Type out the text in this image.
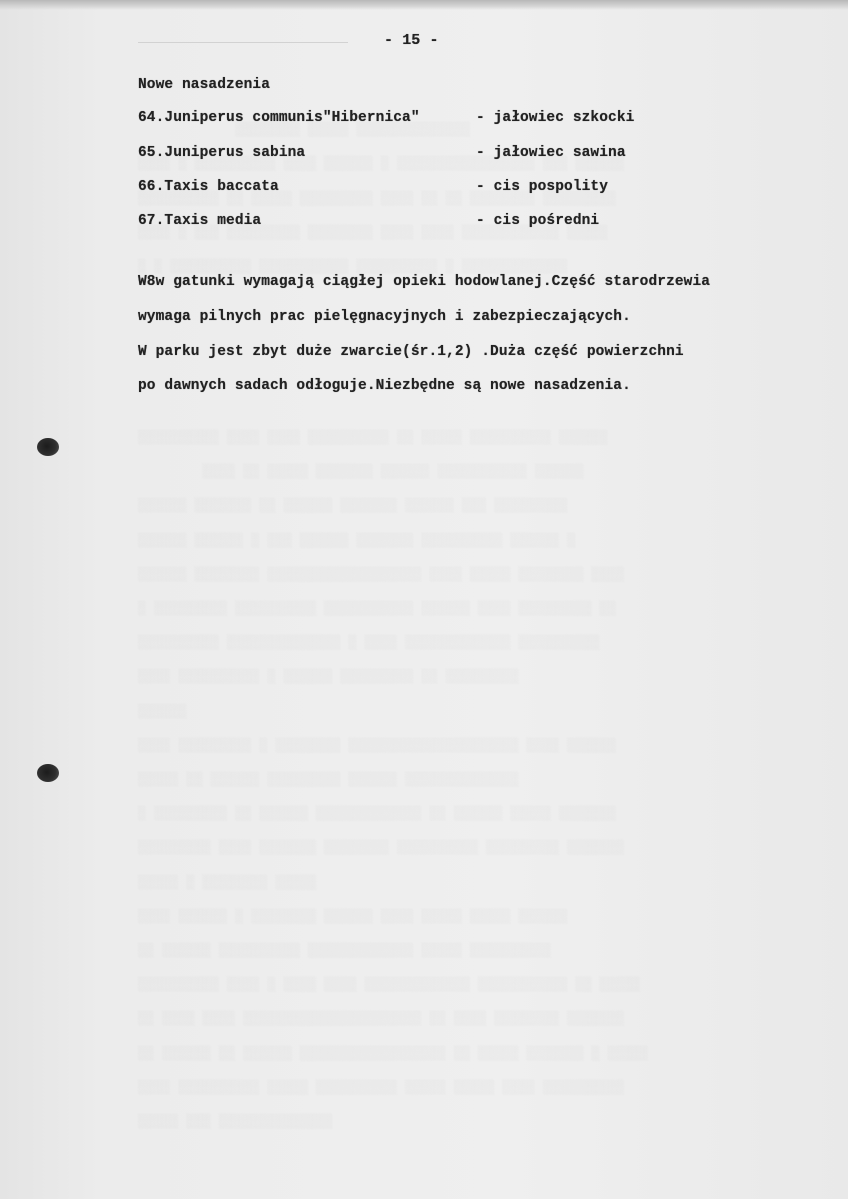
░░░░░░░░ ░░░░░ ░░░░░░░░░░░░░░
░░░░ ░ ░░░░░░░░░░ ░░░░ ░░░░░░ ░ ░░░░░░░░░░░░░░░░░ ░░░ ░░░░░░
░░░░░░░░░░ ░░ ░░░░░ ░░░░░░░░░ ░░░░ ░░ ░░ ░░░░░░░░ ░░░░░░░░░
░░░░ ░ ░░░ ░░░░░░░░░ ░░░░░░░░ ░░░░ ░░░░ ░░░░░░░░░░░░ ░░░░░
░ ░ ░░░░░░░░░░ ░░░░░░░░░░░ ░░░░░░░░░░ ░ ░░░░░░░░░░░░░

░░░░░░░░░░ ░░░░ ░░░░ ░░░░░░░░░░ ░░ ░░░░░ ░░░░░░░░░░ ░░░░░░
░░░░ ░░ ░░░░░ ░░░░░░░ ░░░░░░ ░░░░░░░░░░░ ░░░░░░
░░░░░░ ░░░░░░░ ░░ ░░░░░░ ░░░░░░░ ░░░░░░ ░░░ ░░░░░░░░░
░░░░░░ ░░░░░░ ░ ░░░ ░░░░░░ ░░░░░░░ ░░░░░░░░░░ ░░░░░░ ░
░░░░░░ ░░░░░░░░ ░░░░░░░░░░░░░░░░░░░ ░░░░ ░░░░░ ░░░░░░░░ ░░░░
░ ░░░░░░░░░ ░░░░░░░░░░ ░░░░░░░░░░░ ░░░░░░ ░░░░ ░░░░░░░░░ ░░
░░░░░░░░░░ ░░░░░░░░░░░░░░ ░ ░░░░ ░░░░░░░░░░░░░ ░░░░░░░░░░
░░░░ ░░░░░░░░░░ ░ ░░░░░░ ░░░░░░░░░ ░░ ░░░░░░░░░
░░░░░░
░░░░ ░░░░░░░░░ ░ ░░░░░░░░ ░░░░░░░░░░░░░░░░░░░░░ ░░░░ ░░░░░░
░░░░░ ░░ ░░░░░░ ░░░░░░░░░ ░░░░░░ ░░░░░░░░░░░░░░
░ ░░░░░░░░░ ░░ ░░░░░░ ░░░░░░░░░░░░░ ░░ ░░░░░░ ░░░░░ ░░░░░░░
░░░░░░░░░ ░░░░ ░░░░░░░ ░░░░░░░░ ░░░░░░░░░░ ░░░░░░░░░ ░░░░░░░
░░░░░ ░ ░░░░░░░░ ░░░░░
░░░░ ░░░░░░ ░ ░░░░░░░░ ░░░░░░ ░░░░ ░░░░░ ░░░░░ ░░░░░░
░░ ░░░░░░ ░░░░░░░░░░ ░░░░░░░░░░░░░ ░░░░░ ░░░░░░░░░░
░░░░░░░░░░ ░░░░ ░ ░░░░ ░░░░ ░░░░░░░░░░░░░ ░░░░░░░░░░░ ░░ ░░░░░
░░ ░░░░ ░░░░ ░░░░░░░░░░░░░░░░░░░░░░ ░░ ░░░░ ░░░░░░░░ ░░░░░░░
░░ ░░░░░░ ░░ ░░░░░░ ░░░░░░░░░░░░░░░░░░ ░░ ░░░░░ ░░░░░░░ ░ ░░░░░
░░░░ ░░░░░░░░░░ ░░░░░ ░░░░░░░░░░ ░░░░░ ░░░░░ ░░░░ ░░░░░░░░░░
░░░░░ ░░░ ░░░░░░░░░░░░░░
- 15 -
Nowe nasadzenia
64.Juniperus communis"Hibernica"	- jałowiec szkocki
65.Juniperus sabina	- jałowiec sawina
66.Taxis baccata	- cis pospolity
67.Taxis media	- cis pośredni
W8w gatunki wymagają ciągłej opieki hodowlanej.Część starodrzewia
wymaga pilnych prac pielęgnacyjnych i zabezpieczających.
W parku jest zbyt duże zwarcie(śr.1,2) .Duża część powierzchni
po dawnych sadach odłoguje.Niezbędne są nowe nasadzenia.
